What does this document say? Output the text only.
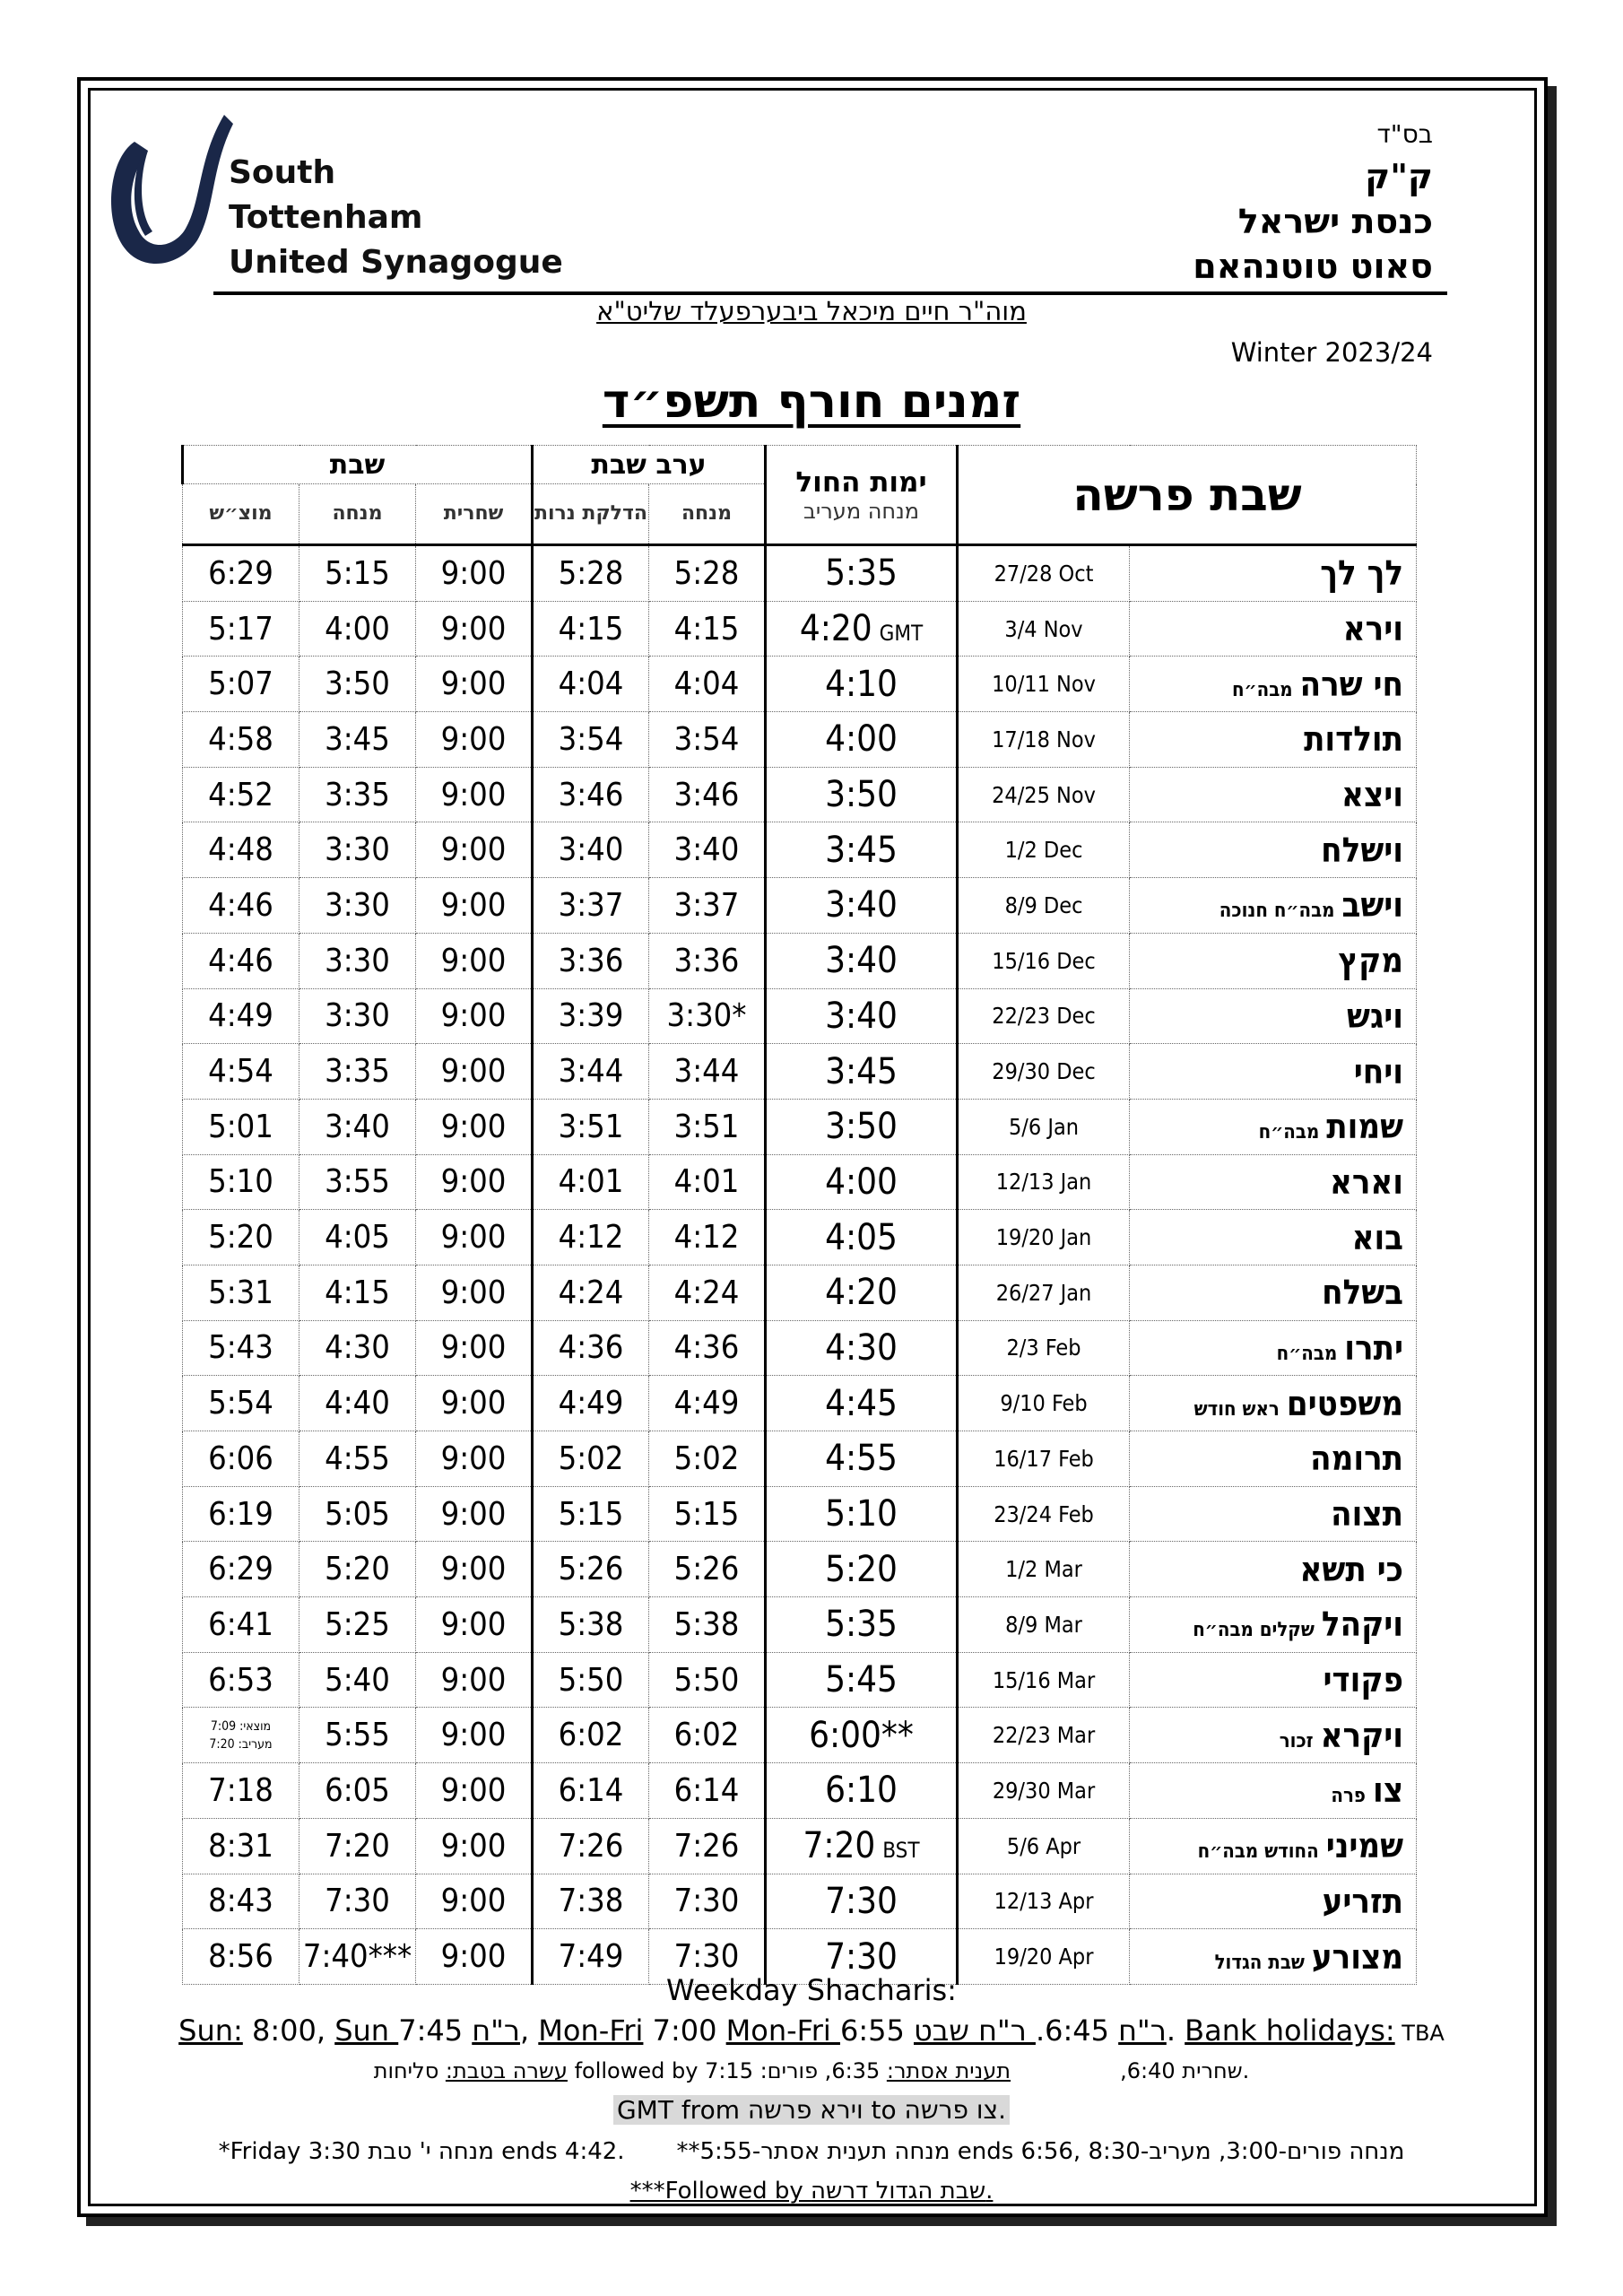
South
Tottenham
United Synagogue
בס"ד
ק"ק
כנסת ישראל
סאוט טוטנהאם
מוה"ר חיים מיכאל ביבערפעלד שליט"א
Winter 2023/24
זמנים חורף תשפ״ד
שבת			ערב שבת		ימות החול
מנחה מעריב	שבת פרשה	
מוצ״ש	מנחה	שחרית	הדלקת נרות	מנחה			
6:29	5:15	9:00	5:28	5:28	5:35	27/28 Oct	לך לך
5:17	4:00	9:00	4:15	4:15	4:20 GMT	3/4 Nov	וירא
5:07	3:50	9:00	4:04	4:04	4:10	10/11 Nov	חי שרהמבה״ח
4:58	3:45	9:00	3:54	3:54	4:00	17/18 Nov	תולדות
4:52	3:35	9:00	3:46	3:46	3:50	24/25 Nov	ויצא
4:48	3:30	9:00	3:40	3:40	3:45	1/2 Dec	וישלח
4:46	3:30	9:00	3:37	3:37	3:40	8/9 Dec	וישבמבה״ח חנוכה
4:46	3:30	9:00	3:36	3:36	3:40	15/16 Dec	מקץ
4:49	3:30	9:00	3:39	3:30*	3:40	22/23 Dec	ויגש
4:54	3:35	9:00	3:44	3:44	3:45	29/30 Dec	ויחי
5:01	3:40	9:00	3:51	3:51	3:50	5/6 Jan	שמותמבה״ח
5:10	3:55	9:00	4:01	4:01	4:00	12/13 Jan	וארא
5:20	4:05	9:00	4:12	4:12	4:05	19/20 Jan	בוא
5:31	4:15	9:00	4:24	4:24	4:20	26/27 Jan	בשלח
5:43	4:30	9:00	4:36	4:36	4:30	2/3 Feb	יתרומבה״ח
5:54	4:40	9:00	4:49	4:49	4:45	9/10 Feb	משפטיםראש חודש
6:06	4:55	9:00	5:02	5:02	4:55	16/17 Feb	תרומה
6:19	5:05	9:00	5:15	5:15	5:10	23/24 Feb	תצוה
6:29	5:20	9:00	5:26	5:26	5:20	1/2 Mar	כי תשא
6:41	5:25	9:00	5:38	5:38	5:35	8/9 Mar	ויקהלשקלים מבה״ח
6:53	5:40	9:00	5:50	5:50	5:45	15/16 Mar	פקודי

מוצאי: 7:09
מעריב: 7:20	5:55	9:00	6:02	6:02	6:00**	22/23 Mar	ויקראזכור
7:18	6:05	9:00	6:14	6:14	6:10	29/30 Mar	צופרה
8:31	7:20	9:00	7:26	7:26	7:20 BST	5/6 Apr	שמיניהחודש מבה״ח
8:43	7:30	9:00	7:38	7:30	7:30	12/13 Apr	תזריע
8:56	7:40***	9:00	7:49	7:30	7:30	19/20 Apr	מצורעשבת הגדול
Weekday Shacharis:
Sun: 8:00, Sun ר"ח 7:45, Mon-Fri 7:00 Mon-Fri ר"ח 6:45. ר"ח שבט 6:55. Bank holidays: TBA
עשרה בטבת: סליחות followed by שחרית 6:40,                תענית אסתר: 6:35, פורים: 7:15.
GMT from וירא פרשה to צו פרשה.
*Friday מנחה י' טבת 3:30 ends 4:42. **מנחה תענית אסתר-5:55 ends 6:56, מנחה פורים-3:00, מעריב-8:30
***Followed by שבת הגדול דרשה.
